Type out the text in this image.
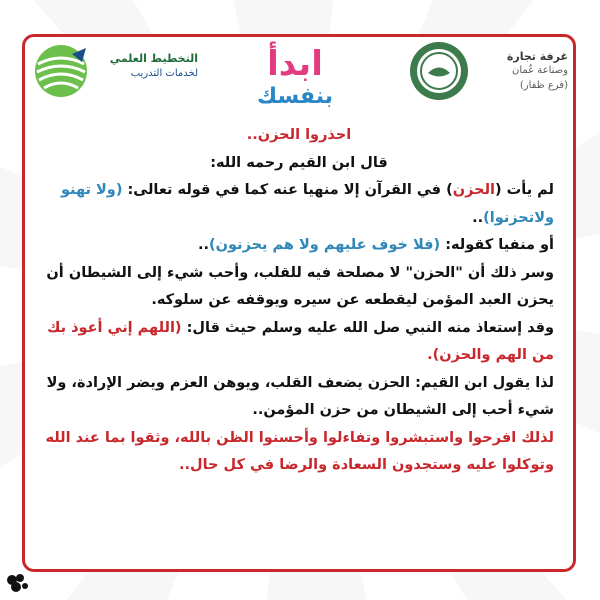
التخطيط العلمي
لخدمات التدريب	ابدأ
بنفسك
غرفة تجارة
وصناعة عُمان
(فرع ظفار)

احذروا الحزن..

قال ابن القيم رحمه الله:

لم يأت (الحزن) في القرآن إلا منهيا عنه كما في قوله تعالى: (ولا تهنو ولاتحزنوا)..

أو منفيا كقوله: (فلا خوف عليهم ولا هم يحزنون)..

وسر ذلك أن "الحزن" لا مصلحة فيه للقلب، وأحب شيء إلى الشيطان أن يحزن العبد المؤمن ليقطعه عن سيره ويوقفه عن سلوكه.

وقد إستعاذ منه النبي صل الله عليه وسلم حيث قال: (اللهم إني أعوذ بك من الهم والحزن).

لذا يقول ابن القيم: الحزن يضعف القلب، ويوهن العزم ويضر الإرادة، ولا شيء أحب إلى الشيطان من حزن المؤمن..

لذلك افرحوا واستبشروا وتفاءلوا وأحسنوا الظن بالله، وثقوا بما عند الله وتوكلوا عليه وستجدون السعادة والرضا في كل حال..
